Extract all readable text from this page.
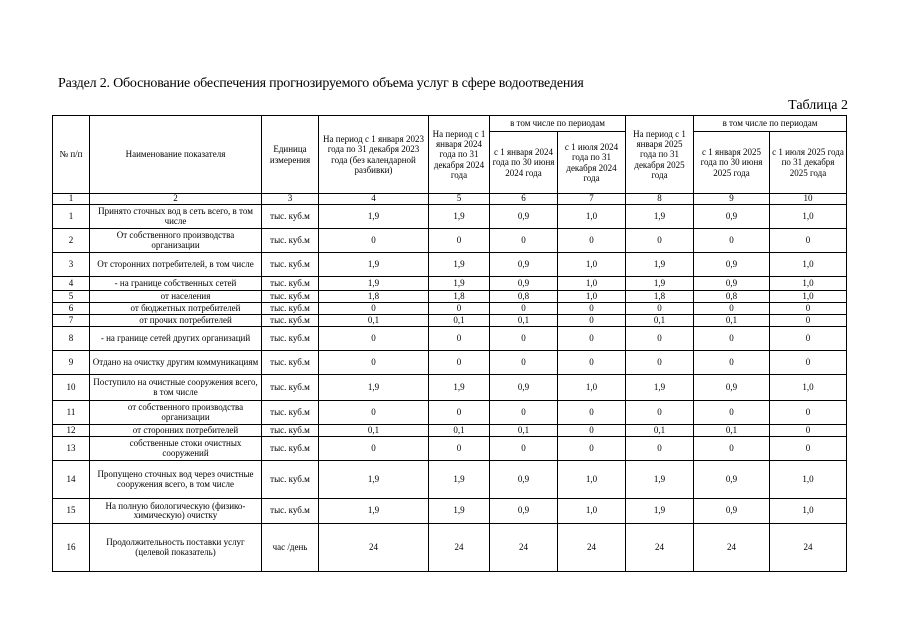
Раздел 2. Обоснование обеспечения прогнозируемого объема услуг в сфере водоотведения
Таблица 2
№ п/п	Наименование показателя	Единица измерения	На период с 1 января 2023 года по 31 декабря 2023 года (без календарной разбивки)	На период с 1 января 2024 года по 31 декабря 2024 года	в том числе по периодам		На период с 1 января 2025 года по 31 декабря 2025 года	в том числе по периодам	
					с 1 января 2024 года по 30 июня 2024 года	с 1 июля 2024 года по 31 декабря 2024 года		с 1 января 2025 года по 30 июня 2025 года	с 1 июля 2025 года по 31 декабря 2025 года
1	2	3	4	5	6	7	8	9	10
1	Принято сточных вод в сеть всего, в том числе	тыс. куб.м	1,9	1,9	0,9	1,0	1,9	0,9	1,0
2	От собственного производства организации	тыс. куб.м	0	0	0	0	0	0	0
3	От сторонних потребителей, в том числе	тыс. куб.м	1,9	1,9	0,9	1,0	1,9	0,9	1,0
4	- на границе собственных сетей	тыс. куб.м	1,9	1,9	0,9	1,0	1,9	0,9	1,0
5	от населения	тыс. куб.м	1,8	1,8	0,8	1,0	1,8	0,8	1,0
6	от бюджетных потребителей	тыс. куб.м	0	0	0	0	0	0	0
7	от прочих потребителей	тыс. куб.м	0,1	0,1	0,1	0	0,1	0,1	0
8	- на границе сетей других организаций	тыс. куб.м	0	0	0	0	0	0	0
9	Отдано на очистку другим коммуникациям	тыс. куб.м	0	0	0	0	0	0	0
10	Поступило на очистные сооружения всего, в том числе	тыс. куб.м	1,9	1,9	0,9	1,0	1,9	0,9	1,0
11	от собственного производства организации	тыс. куб.м	0	0	0	0	0	0	0
12	от сторонних потребителей	тыс. куб.м	0,1	0,1	0,1	0	0,1	0,1	0
13	собственные стоки очистных сооружений	тыс. куб.м	0	0	0	0	0	0	0
14	Пропущено сточных вод через очистные сооружения всего, в том числе	тыс. куб.м	1,9	1,9	0,9	1,0	1,9	0,9	1,0
15	На полную биологическую (физико-химическую) очистку	тыс. куб.м	1,9	1,9	0,9	1,0	1,9	0,9	1,0
16	Продолжительность поставки услуг (целевой показатель)	час /день	24	24	24	24	24	24	24
